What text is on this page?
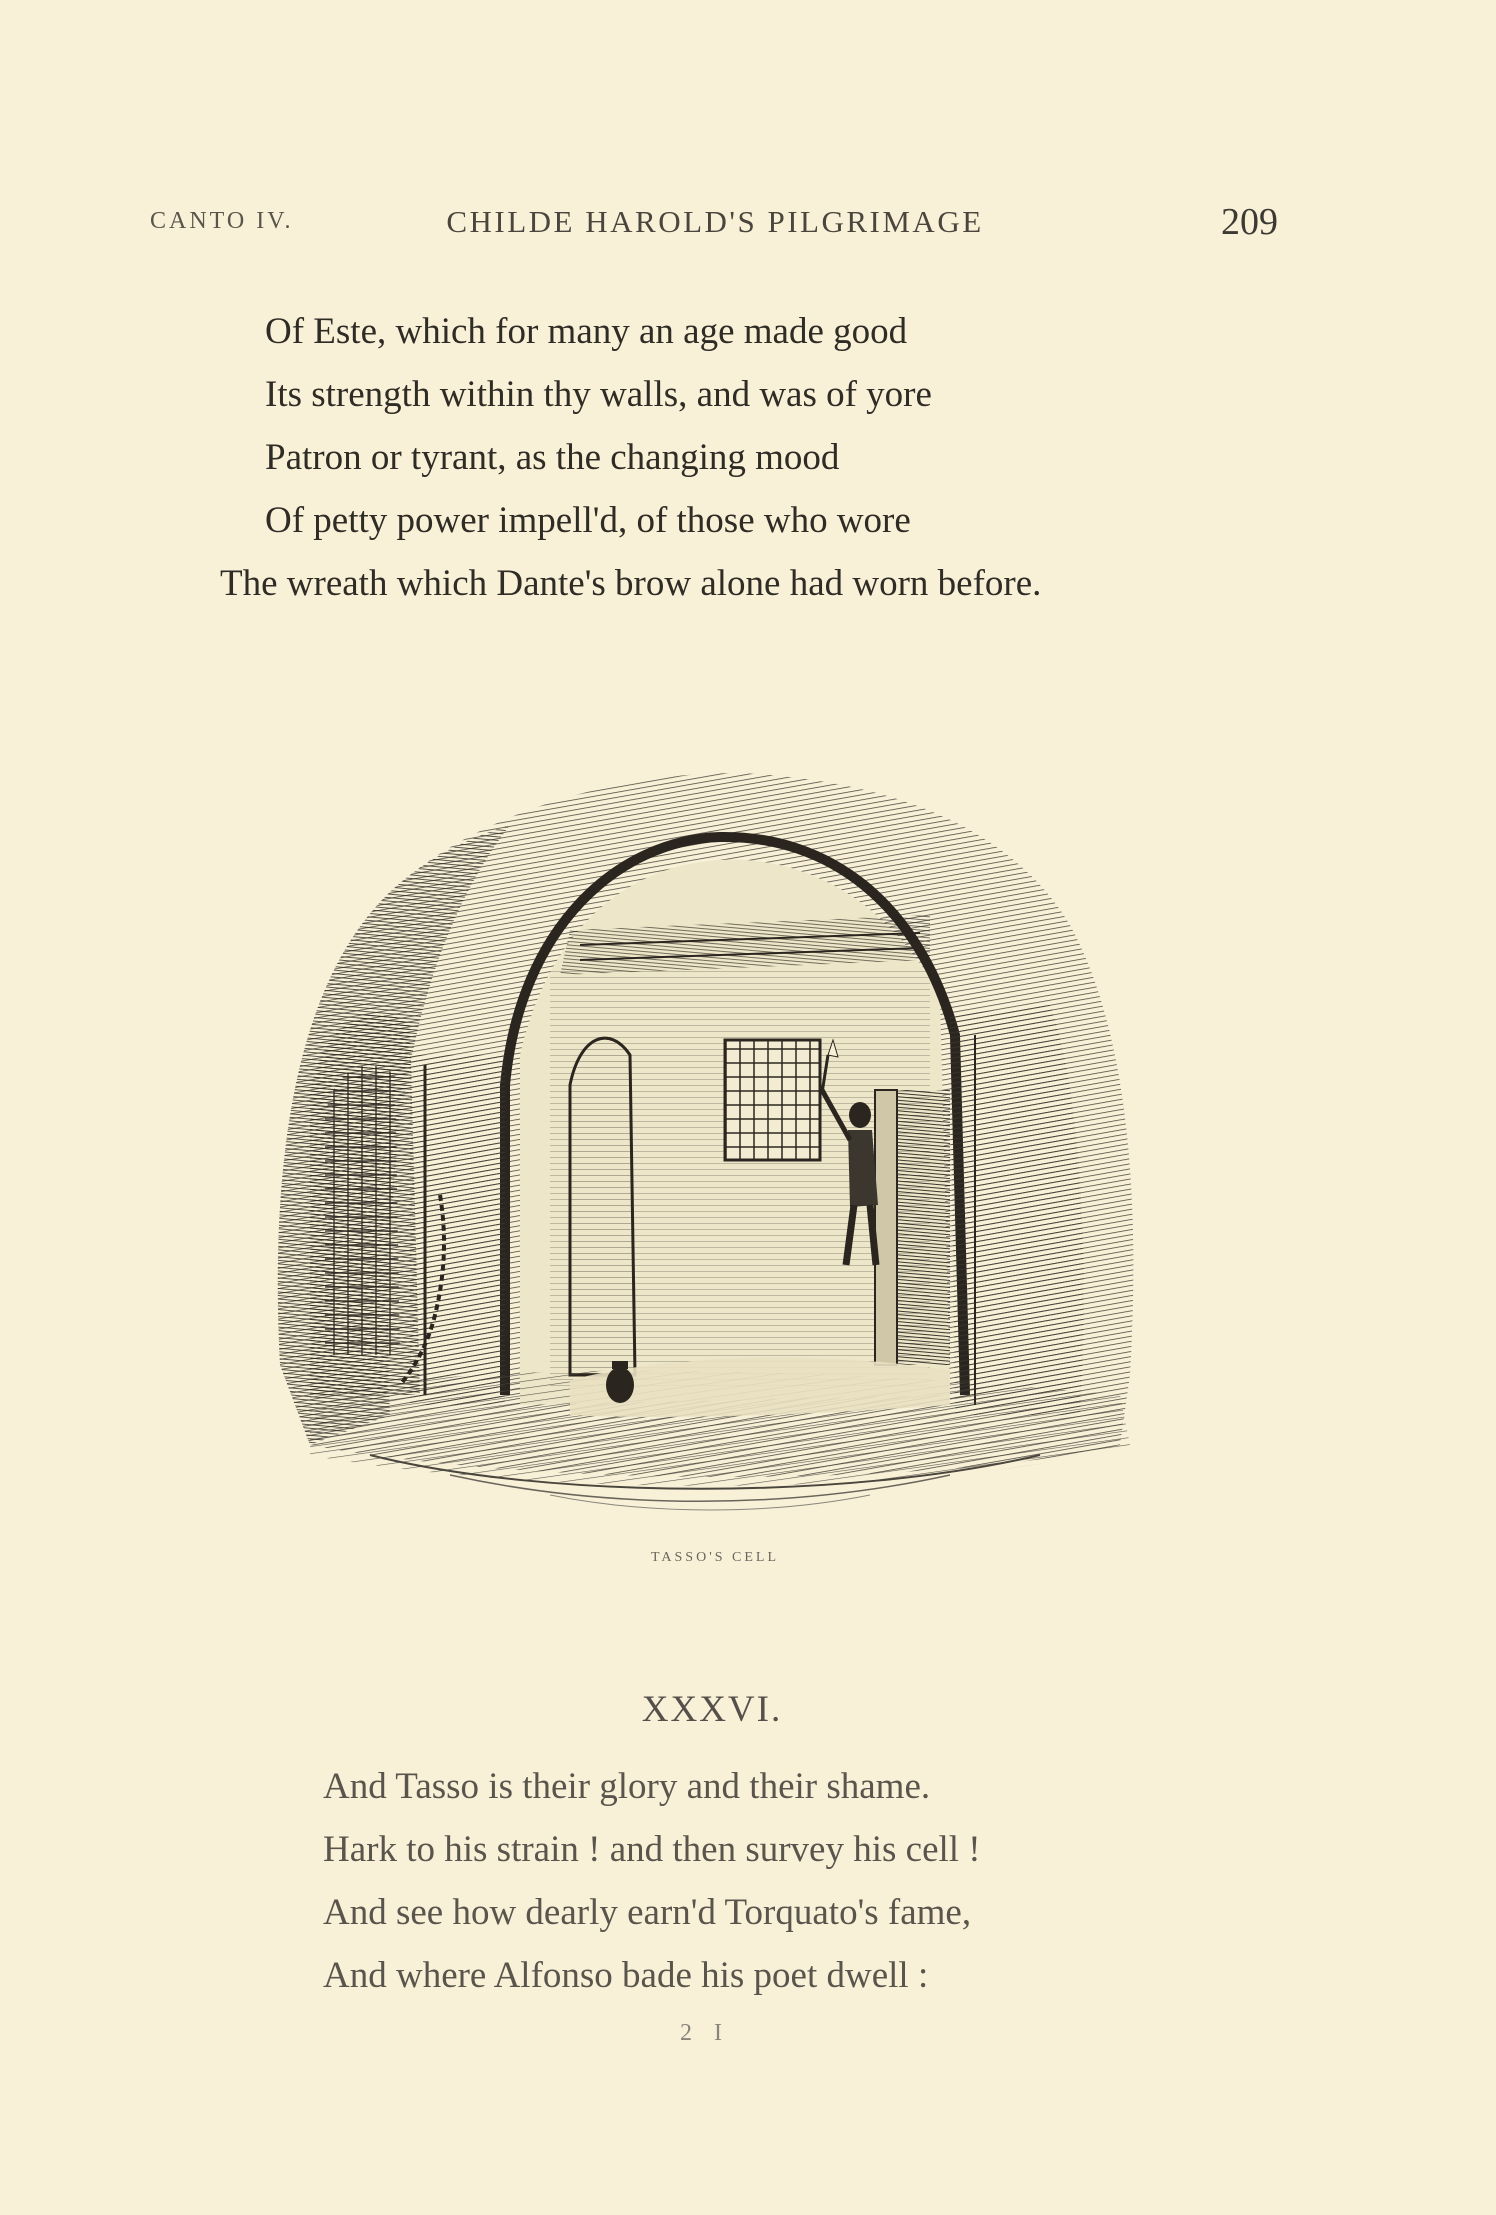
CANTO IV.	CHILDE HAROLD'S PILGRIMAGE	209
Of Este, which for many an age made good
Its strength within thy walls, and was of yore
Patron or tyrant, as the changing mood
Of petty power impell'd, of those who wore
The wreath which Dante's brow alone had worn before.
TASSO'S CELL
XXXVI.
And Tasso is their glory and their shame.
Hark to his strain ! and then survey his cell !
And see how dearly earn'd Torquato's fame,
And where Alfonso bade his poet dwell :
2 I
